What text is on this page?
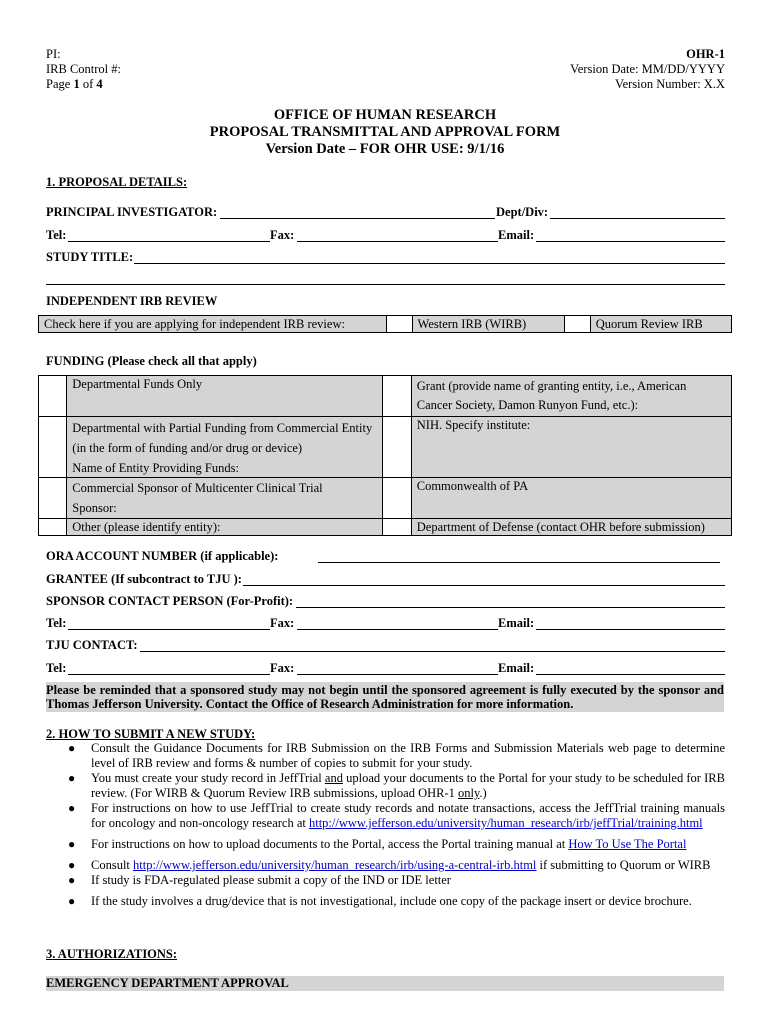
PI:
IRB Control #:
Page 1 of 4
OHR-1
Version Date: MM/DD/YYYY
Version Number: X.X
OFFICE OF HUMAN RESEARCH
PROPOSAL TRANSMITTAL AND APPROVAL FORM
Version Date – FOR OHR USE: 9/1/16
1. PROPOSAL DETAILS:
PRINCIPAL INVESTIGATOR:	Dept/Div:
Tel:	Fax:	Email:
STUDY TITLE:
INDEPENDENT IRB REVIEW
Check here if you are applying for independent IRB review:		Western IRB (WIRB)		Quorum Review IRB
FUNDING (Please check all that apply)
	Departmental Funds Only		Grant (provide name of granting entity, i.e., American
Cancer Society, Damon Runyon Fund, etc.):

	Departmental with Partial Funding from Commercial Entity
(in the form of funding and/or drug or device)
Name of Entity Providing Funds:		NIH. Specify institute:

	Commercial Sponsor of Multicenter Clinical Trial
Sponsor:		Commonwealth of PA
	Other (please identify entity):		Department of Defense (contact OHR before submission)
ORA ACCOUNT NUMBER (if applicable):
GRANTEE (If subcontract to TJU ):
SPONSOR CONTACT PERSON (For-Profit):
Tel:	Fax:	Email:
TJU CONTACT:
Tel:	Fax:	Email:
Please be reminded that a sponsored study may not begin until the sponsored agreement is fully executed by the sponsor and Thomas Jefferson University. Contact the Office of Research Administration for more information.
2. HOW TO SUBMIT A NEW STUDY:
● Consult the Guidance Documents for IRB Submission on the IRB Forms and Submission Materials web page to determine level of IRB review and forms & number of copies to submit for your study.
● You must create your study record in JeffTrial and upload your documents to the Portal for your study to be scheduled for IRB review. (For WIRB & Quorum Review IRB submissions, upload OHR-1 only.)
● For instructions on how to use JeffTrial to create study records and notate transactions, access the JeffTrial training manuals for oncology and non-oncology research at http://www.jefferson.edu/university/human_research/irb/jeffTrial/training.html
● For instructions on how to upload documents to the Portal, access the Portal training manual at How To Use The Portal
● Consult http://www.jefferson.edu/university/human_research/irb/using-a-central-irb.html if submitting to Quorum or WIRB
● If study is FDA-regulated please submit a copy of the IND or IDE letter
● If the study involves a drug/device that is not investigational, include one copy of the package insert or device brochure.
3. AUTHORIZATIONS:
EMERGENCY DEPARTMENT APPROVAL
